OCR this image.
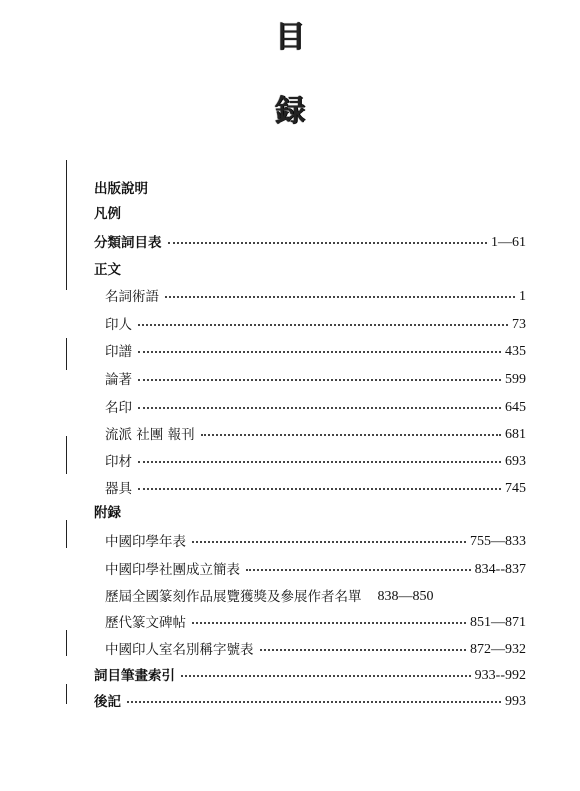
目
録
出版說明
凡例
分類詞目表	1—61
正文
名詞術語	1
印人	73
印譜	435
論著	599
名印	645
流派 社團 報刊	681
印材	693
器具	745
附録
中國印學年表	755—833
中國印學社團成立簡表	834--837
歷屆全國篆刻作品展覽獲獎及參展作者名單 838—850
歷代篆文碑帖	851—871
中國印人室名別稱字號表	872—932
詞目筆畫索引	933--992
後記	993
